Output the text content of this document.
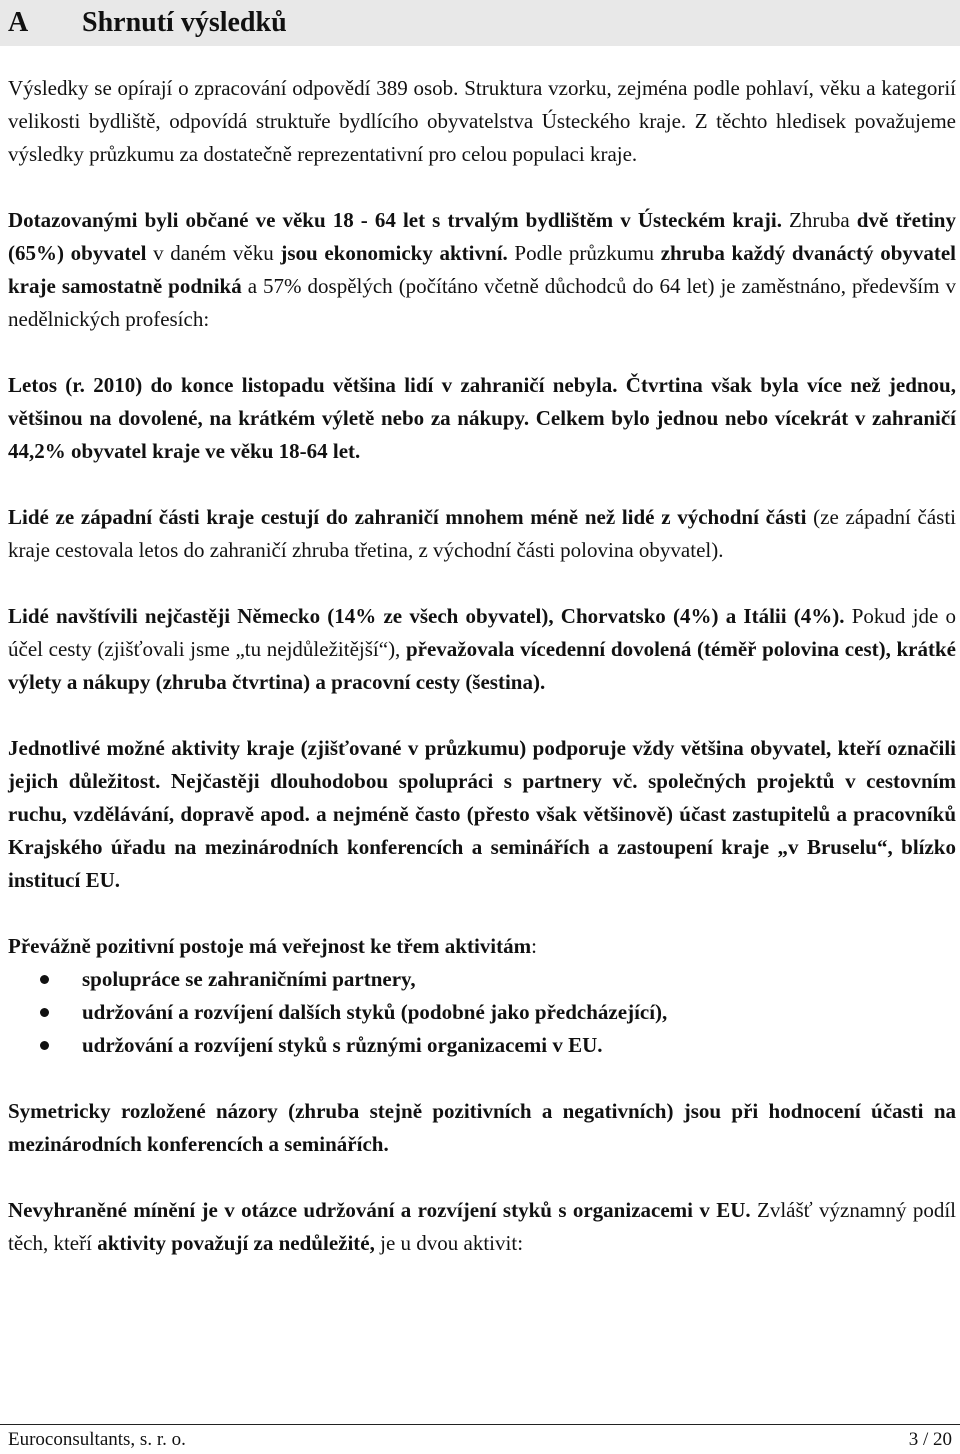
A Shrnutí výsledků

Výsledky se opírají o zpracování odpovědí 389 osob. Struktura vzorku, zejména podle pohlaví, věku a kategorií velikosti bydliště, odpovídá struktuře bydlícího obyvatelstva Ústeckého kraje. Z těchto hledisek považujeme výsledky průzkumu za dostatečně reprezentativní pro celou populaci kraje.

Dotazovanými byli občané ve věku 18 - 64 let s trvalým bydlištěm v Ústeckém kraji. Zhruba dvě třetiny (65%) obyvatel v daném věku jsou ekonomicky aktivní. Podle průzkumu zhruba každý dvanáctý obyvatel kraje samostatně podniká a 57% dospělých (počítáno včetně důchodců do 64 let) je zaměstnáno, především v nedělnických profesích:

Letos (r. 2010) do konce listopadu většina lidí v zahraničí nebyla. Čtvrtina však byla více než jednou, většinou na dovolené, na krátkém výletě nebo za nákupy. Celkem bylo jednou nebo vícekrát v zahraničí 44,2% obyvatel kraje ve věku 18-64 let.

Lidé ze západní části kraje cestují do zahraničí mnohem méně než lidé z východní části (ze západní části kraje cestovala letos do zahraničí zhruba třetina, z východní části polovina obyvatel).

Lidé navštívili nejčastěji Německo (14% ze všech obyvatel), Chorvatsko (4%) a Itálii (4%). Pokud jde o účel cesty (zjišťovali jsme „tu nejdůležitější“), převažovala vícedenní dovolená (téměř polovina cest), krátké výlety a nákupy (zhruba čtvrtina) a pracovní cesty (šestina).

Jednotlivé možné aktivity kraje (zjišťované v průzkumu) podporuje vždy většina obyvatel, kteří označili jejich důležitost. Nejčastěji dlouhodobou spolupráci s partnery vč. společných projektů v cestovním ruchu, vzdělávání, dopravě apod. a nejméně často (přesto však většinově) účast zastupitelů a pracovníků Krajského úřadu na mezinárodních konferencích a seminářích a zastoupení kraje „v Bruselu“, blízko institucí EU.

Převážně pozitivní postoje má veřejnost ke třem aktivitám:

spolupráce se zahraničními partnery,
udržování a rozvíjení dalších styků (podobné jako předcházející),
udržování a rozvíjení styků s různými organizacemi v EU.

Symetricky rozložené názory (zhruba stejně pozitivních a negativních) jsou při hodnocení účasti na mezinárodních konferencích a seminářích.

Nevyhraněné mínění je v otázce udržování a rozvíjení styků s organizacemi v EU. Zvlášť významný podíl těch, kteří aktivity považují za nedůležité, je u dvou aktivit:

Euroconsultants, s. r. o.	3 / 20
